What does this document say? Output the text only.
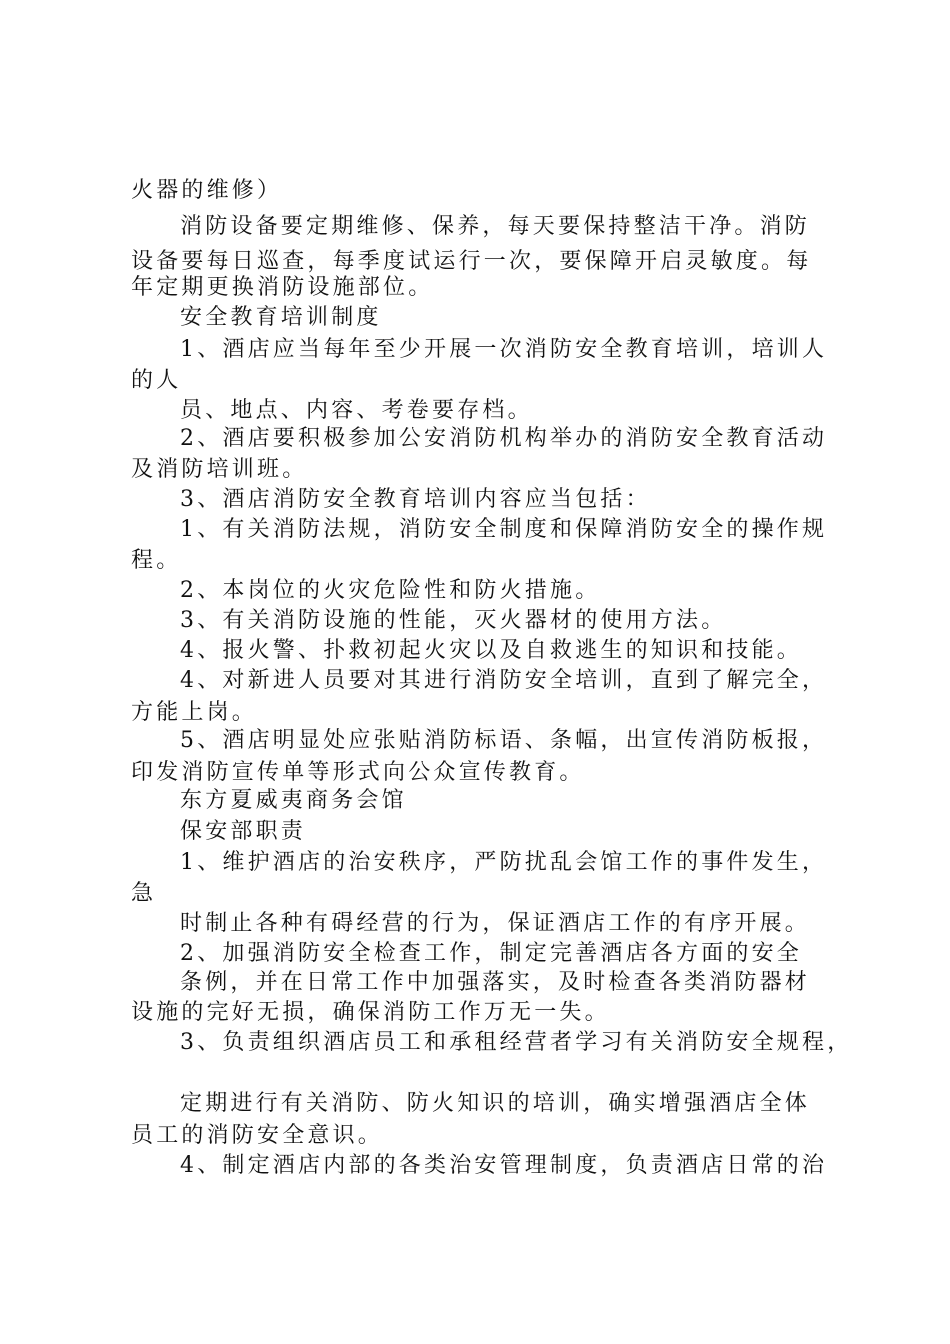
火器的维修）

消防设备要定期维修、保养，每天要保持整洁干净。消防

设备要每日巡查，每季度试运行一次，要保障开启灵敏度。每

年定期更换消防设施部位。

安全教育培训制度

1、酒店应当每年至少开展一次消防安全教育培训，培训人

的人

员、地点、内容、考卷要存档。

2、酒店要积极参加公安消防机构举办的消防安全教育活动

及消防培训班。

3、酒店消防安全教育培训内容应当包括：

1、有关消防法规，消防安全制度和保障消防安全的操作规

程。

2、本岗位的火灾危险性和防火措施。

3、有关消防设施的性能，灭火器材的使用方法。

4、报火警、扑救初起火灾以及自救逃生的知识和技能。

4、对新进人员要对其进行消防安全培训，直到了解完全，

方能上岗。

5、酒店明显处应张贴消防标语、条幅，出宣传消防板报，

印发消防宣传单等形式向公众宣传教育。

东方夏威夷商务会馆

保安部职责

1、维护酒店的治安秩序，严防扰乱会馆工作的事件发生，

急

时制止各种有碍经营的行为，保证酒店工作的有序开展。

2、加强消防安全检查工作，制定完善酒店各方面的安全

条例，并在日常工作中加强落实，及时检查各类消防器材

设施的完好无损，确保消防工作万无一失。

3、负责组织酒店员工和承租经营者学习有关消防安全规程，

定期进行有关消防、防火知识的培训，确实增强酒店全体

员工的消防安全意识。

4、制定酒店内部的各类治安管理制度，负责酒店日常的治
